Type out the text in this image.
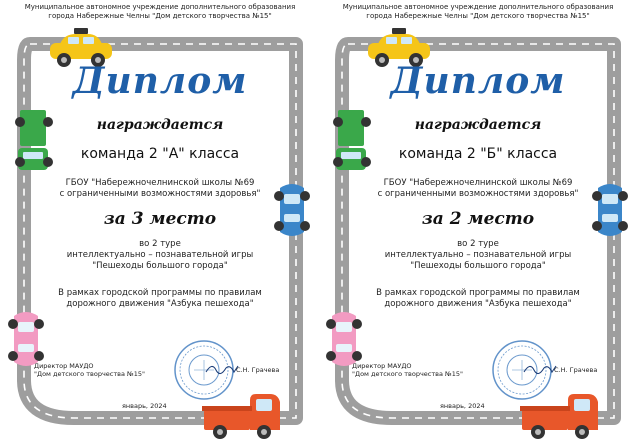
Муниципальное автономное учреждение дополнительного образования
города Набережные Челны "Дом детского творчества №15"
Диплом
награждается
команда 2 "А" класса
ГБОУ "Набережночелнинской школы №69
с ограниченными возможностями здоровья"
за 3 место
во 2 туре
интеллектуально – познавательной игры
"Пешеходы большого города"
В рамках городской программы по правилам
дорожного движения "Азбука пешехода"
Директор МАУДО
"Дом детского творчества №15"	С.Н. Грачева
январь, 2024
Муниципальное автономное учреждение дополнительного образования
города Набережные Челны "Дом детского творчества №15"
Диплом
награждается
команда 2 "Б" класса
ГБОУ "Набережночелнинской школы №69
с ограниченными возможностями здоровья"
за 2 место
во 2 туре
интеллектуально – познавательной игры
"Пешеходы большого города"
В рамках городской программы по правилам
дорожного движения "Азбука пешехода"
Директор МАУДО
"Дом детского творчества №15"	С.Н. Грачева
январь, 2024
